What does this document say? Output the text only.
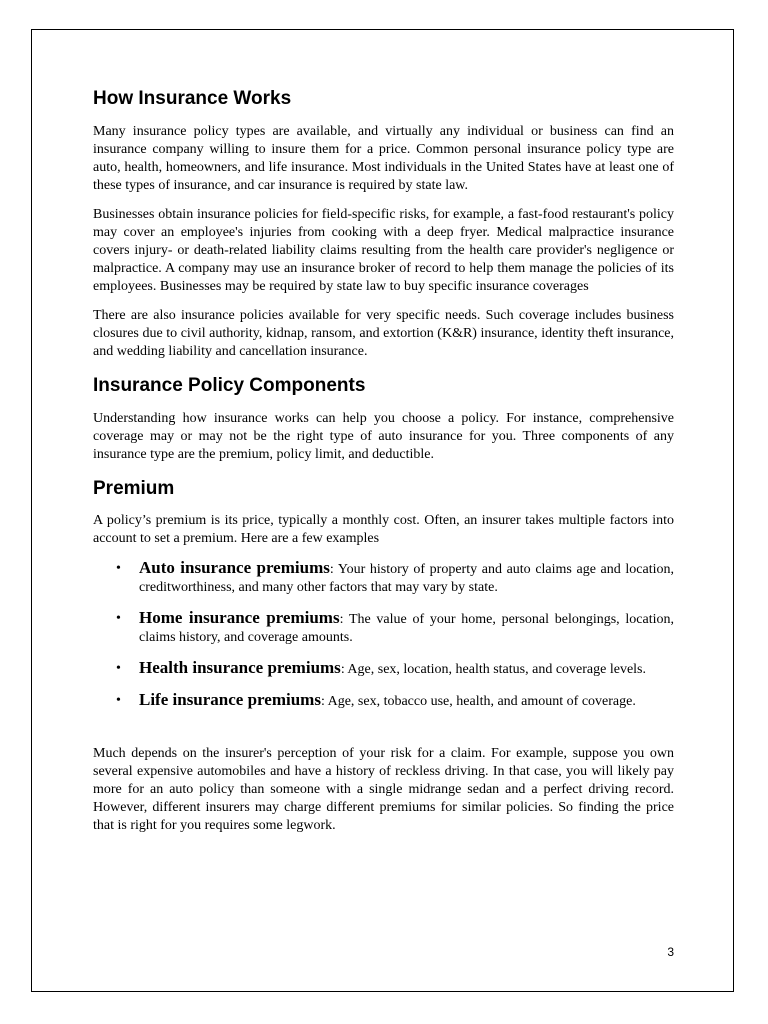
How Insurance Works

Many insurance policy types are available, and virtually any individual or business can find an insurance company willing to insure them for a price. Common personal insurance policy type are auto, health, homeowners, and life insurance. Most individuals in the United States have at least one of these types of insurance, and car insurance is required by state law.

Businesses obtain insurance policies for field-specific risks, for example, a fast-food restaurant's policy may cover an employee's injuries from cooking with a deep fryer. Medical malpractice insurance covers injury- or death-related liability claims resulting from the health care provider's negligence or malpractice. A company may use an insurance broker of record to help them manage the policies of its employees. Businesses may be required by state law to buy specific insurance coverages

There are also insurance policies available for very specific needs. Such coverage includes business closures due to civil authority, kidnap, ransom, and extortion (K&R) insurance, identity theft insurance, and wedding liability and cancellation insurance.

Insurance Policy Components

Understanding how insurance works can help you choose a policy. For instance, comprehensive coverage may or may not be the right type of auto insurance for you. Three components of any insurance type are the premium, policy limit, and deductible.

Premium

A policy’s premium is its price, typically a monthly cost. Often, an insurer takes multiple factors into account to set a premium. Here are a few examples

• Auto insurance premiums: Your history of property and auto claims age and location, creditworthiness, and many other factors that may vary by state.
• Home insurance premiums: The value of your home, personal belongings, location, claims history, and coverage amounts.
• Health insurance premiums: Age, sex, location, health status, and coverage levels.
• Life insurance premiums: Age, sex, tobacco use, health, and amount of coverage.

Much depends on the insurer's perception of your risk for a claim. For example, suppose you own several expensive automobiles and have a history of reckless driving. In that case, you will likely pay more for an auto policy than someone with a single midrange sedan and a perfect driving record. However, different insurers may charge different premiums for similar policies. So finding the price that is right for you requires some legwork.

3
